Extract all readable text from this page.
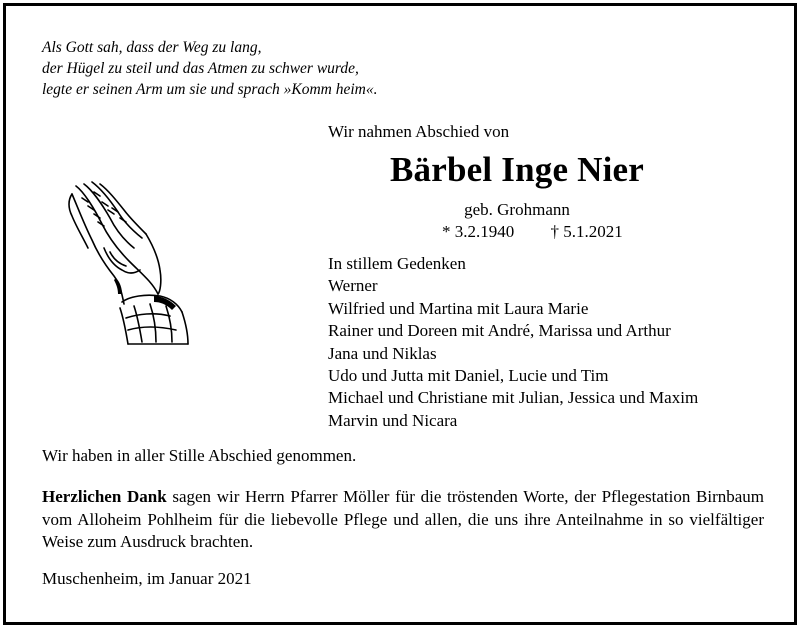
Als Gott sah, dass der Weg zu lang,
der Hügel zu steil und das Atmen zu schwer wurde,
legte er seinen Arm um sie und sprach »Komm heim«.
Wir nahmen Abschied von
Bärbel Inge Nier
geb. Grohmann
* 3.2.1940 † 5.1.2021
In stillem Gedenken
Werner
Wilfried und Martina mit Laura Marie
Rainer und Doreen mit André, Marissa und Arthur
Jana und Niklas
Udo und Jutta mit Daniel, Lucie und Tim
Michael und Christiane mit Julian, Jessica und Maxim
Marvin und Nicara
Wir haben in aller Stille Abschied genommen.
Herzlichen Dank sagen wir Herrn Pfarrer Möller für die tröstenden Worte, der Pflegestation Birnbaum vom Alloheim Pohlheim für die liebevolle Pflege und allen, die uns ihre Anteilnahme in so vielfältiger Weise zum Ausdruck brachten.
Muschenheim, im Januar 2021
